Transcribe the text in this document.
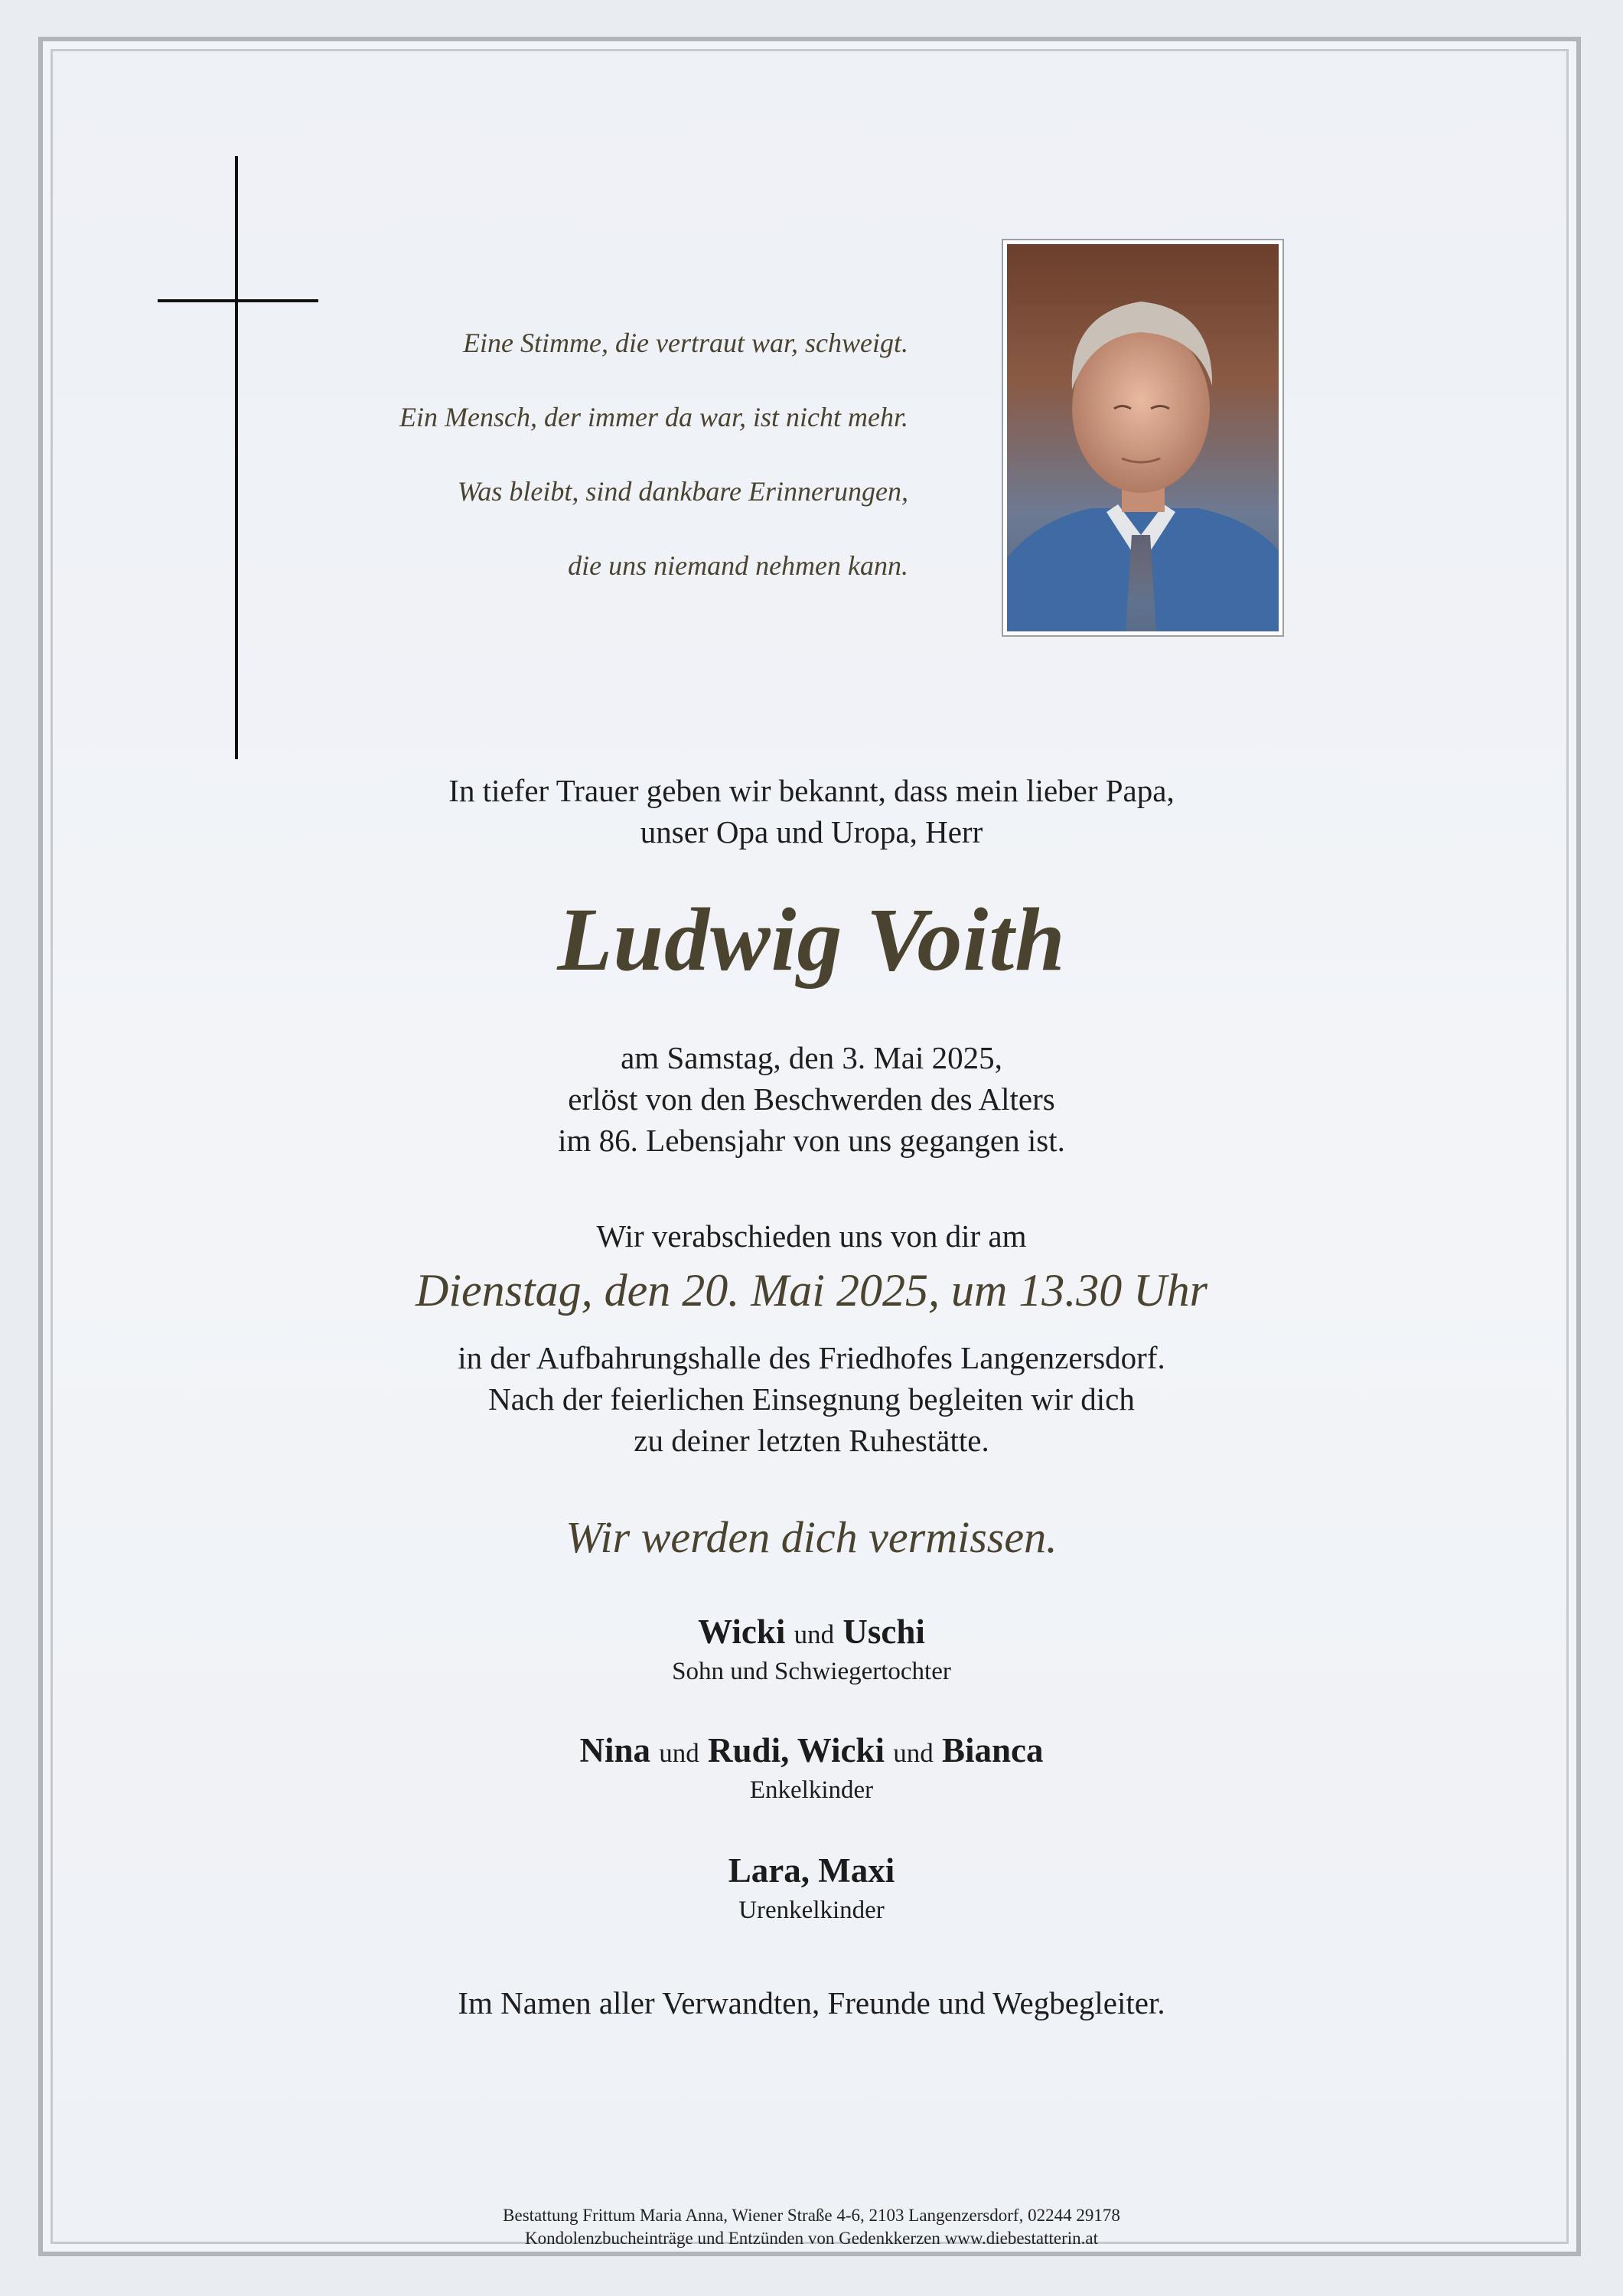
Eine Stimme, die vertraut war, schweigt.
Ein Mensch, der immer da war, ist nicht mehr.
Was bleibt, sind dankbare Erinnerungen,
die uns niemand nehmen kann.
In tiefer Trauer geben wir bekannt, dass mein lieber Papa,
unser Opa und Uropa, Herr
Ludwig Voith
am Samstag, den 3. Mai 2025,
erlöst von den Beschwerden des Alters
im 86. Lebensjahr von uns gegangen ist.
Wir verabschieden uns von dir am
Dienstag, den 20. Mai 2025, um 13.30 Uhr
in der Aufbahrungshalle des Friedhofes Langenzersdorf.
Nach der feierlichen Einsegnung begleiten wir dich
zu deiner letzten Ruhestätte.
Wir werden dich vermissen.
Wicki und Uschi
Sohn und Schwiegertochter
Nina und Rudi, Wicki und Bianca
Enkelkinder
Lara, Maxi
Urenkelkinder
Im Namen aller Verwandten, Freunde und Wegbegleiter.
Bestattung Frittum Maria Anna, Wiener Straße 4-6, 2103 Langenzersdorf, 02244 29178
Kondolenzbucheinträge und Entzünden von Gedenkkerzen www.diebestatterin.at
